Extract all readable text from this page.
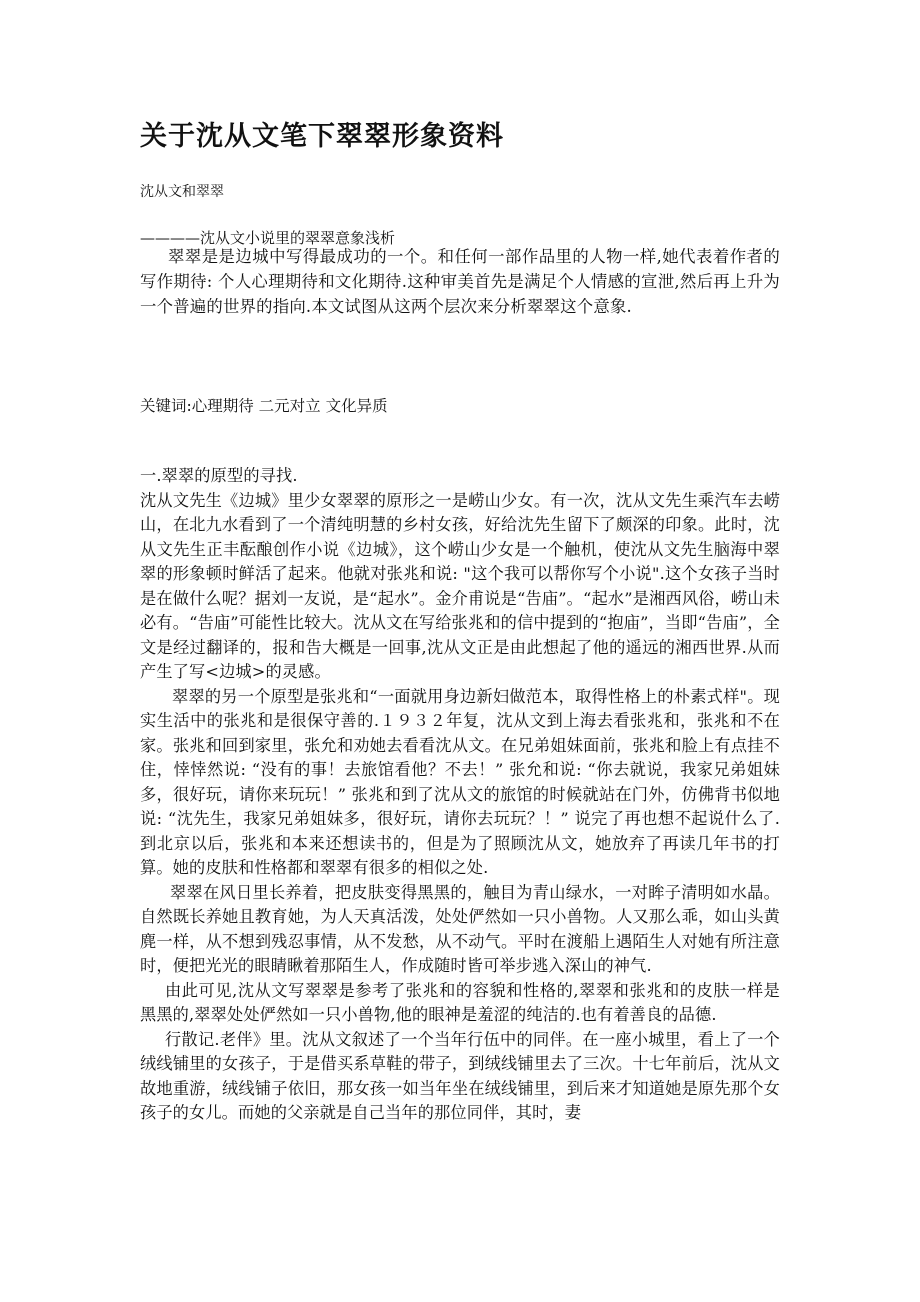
关于沈从文笔下翠翠形象资料

沈从文和翠翠

————沈从文小说里的翠翠意象浅析

翠翠是是边城中写得最成功的一个。和任何一部作品里的人物一样,她代表着作者的写作期待: 个人心理期待和文化期待.这种审美首先是满足个人情感的宣泄,然后再上升为一个普遍的世界的指向.本文试图从这两个层次来分析翠翠这个意象.

关键词:心理期待 二元对立 文化异质

一.翠翠的原型的寻找.

沈从文先生《边城》里少女翠翠的原形之一是崂山少女。有一次，沈从文先生乘汽车去崂山，在北九水看到了一个清纯明慧的乡村女孩，好给沈先生留下了颇深的印象。此时，沈从文先生正丰酝酿创作小说《边城》，这个崂山少女是一个触机，使沈从文先生脑海中翠翠的形象顿时鲜活了起来。他就对张兆和说: "这个我可以帮你写个小说".这个女孩子当时是在做什么呢？据刘一友说，是“起水”。金介甫说是“告庙”。“起水”是湘西风俗，崂山未必有。“告庙”可能性比较大。沈从文在写给张兆和的信中提到的“抱庙”，当即“告庙”，全文是经过翻译的，报和告大概是一回事,沈从文正是由此想起了他的遥远的湘西世界.从而产生了写<边城>的灵感。

翠翠的另一个原型是张兆和“一面就用身边新妇做范本，取得性格上的朴素式样"。现实生活中的张兆和是很保守善的.１９３２年复，沈从文到上海去看张兆和，张兆和不在家。张兆和回到家里，张允和劝她去看看沈从文。在兄弟姐妹面前，张兆和脸上有点挂不住，悻悻然说: “没有的事！去旅馆看他？不去！” 张允和说: “你去就说，我家兄弟姐妹多，很好玩，请你来玩玩！” 张兆和到了沈从文的旅馆的时候就站在门外，仿佛背书似地说: “沈先生，我家兄弟姐妹多，很好玩，请你去玩玩？！” 说完了再也想不起说什么了.到北京以后，张兆和本来还想读书的，但是为了照顾沈从文，她放弃了再读几年书的打算。她的皮肤和性格都和翠翠有很多的相似之处.

翠翠在风日里长养着，把皮肤变得黑黑的，触目为青山绿水，一对眸子清明如水晶。自然既长养她且教育她，为人天真活泼，处处俨然如一只小兽物。人又那么乖，如山头黄麂一样，从不想到残忍事情，从不发愁，从不动气。平时在渡船上遇陌生人对她有所注意时，便把光光的眼睛瞅着那陌生人，作成随时皆可举步逃入深山的神气.

由此可见,沈从文写翠翠是参考了张兆和的容貌和性格的,翠翠和张兆和的皮肤一样是黑黑的,翠翠处处俨然如一只小兽物,他的眼神是羞涩的纯洁的.也有着善良的品德.

行散记.老伴》里。沈从文叙述了一个当年行伍中的同伴。在一座小城里，看上了一个绒线铺里的女孩子，于是借买系草鞋的带子，到绒线铺里去了三次。十七年前后，沈从文故地重游，绒线铺子依旧，那女孩一如当年坐在绒线铺里，到后来才知道她是原先那个女孩子的女儿。而她的父亲就是自己当年的那位同伴，其时，妻
